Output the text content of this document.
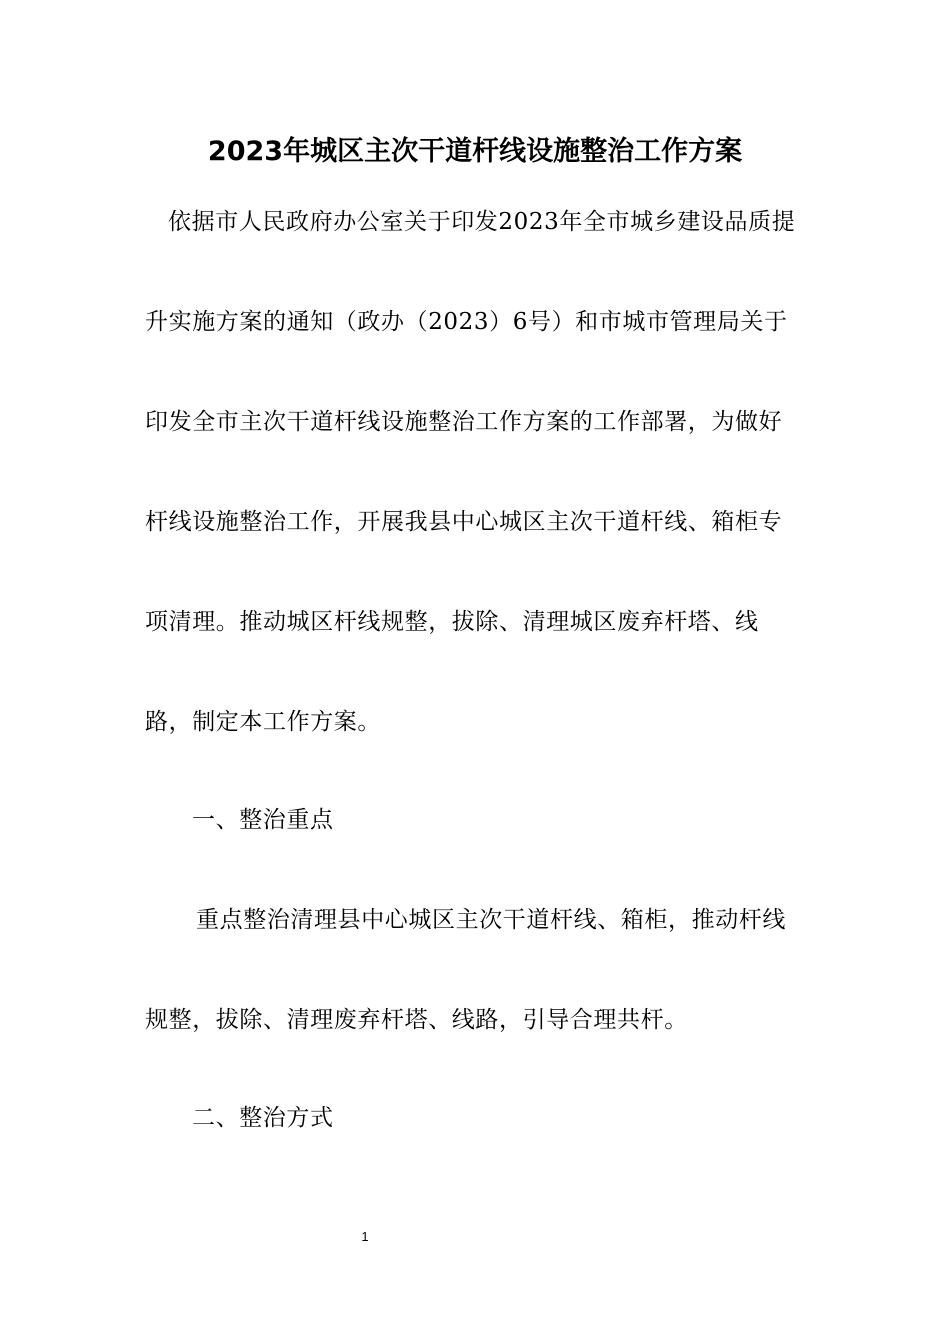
2023年城区主次干道杆线设施整治工作方案
依据市人民政府办公室关于印发2023年全市城乡建设品质提
升实施方案的通知（政办（2023）6号）和市城市管理局关于
印发全市主次干道杆线设施整治工作方案的工作部署，为做好
杆线设施整治工作，开展我县中心城区主次干道杆线、箱柜专
项清理。推动城区杆线规整，拔除、清理城区废弃杆塔、线
路，制定本工作方案。
一、整治重点
重点整治清理县中心城区主次干道杆线、箱柜，推动杆线
规整，拔除、清理废弃杆塔、线路，引导合理共杆。
二、整治方式
1
